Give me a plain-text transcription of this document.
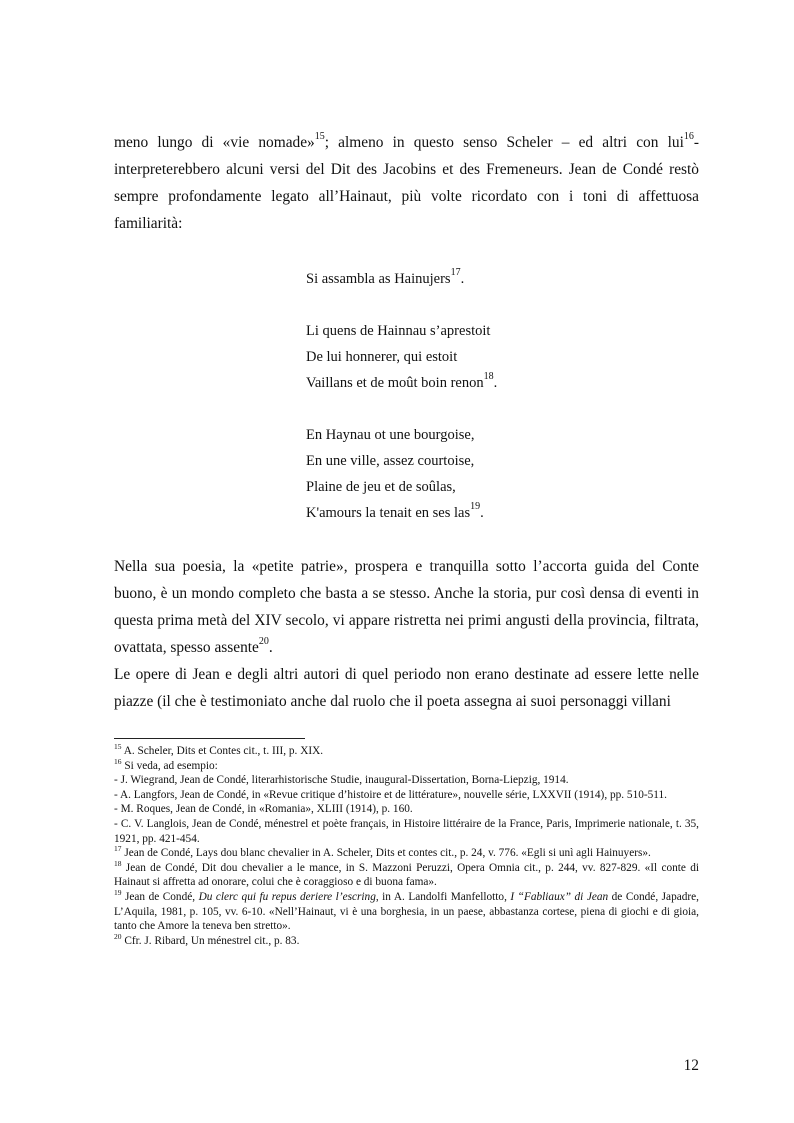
meno lungo di «vie nomade»$^{15}$; almeno in questo senso Scheler – ed altri con lui$^{16}$- interpreterebbero alcuni versi del Dit des Jacobins et des Fremeneurs. Jean de Condé restò sempre profondamente legato all’Hainaut, più volte ricordato con i toni di affettuosa familiarità:

Si assambla as Hainujers$^{17}$.
Li quens de Hainnau s’aprestoit
De lui honnerer, qui estoit
Vaillans et de moût boin renon$^{18}$.
En Haynau ot une bourgoise,
En une ville, assez courtoise,
Plaine de jeu et de soûlas,
K'amours la tenait en ses las$^{19}$.

Nella sua poesia, la «petite patrie», prospera e tranquilla sotto l’accorta guida del Conte buono, è un mondo completo che basta a se stesso. Anche la storia, pur così densa di eventi in questa prima metà del XIV secolo, vi appare ristretta nei primi angusti della provincia, filtrata, ovattata, spesso assente$^{20}$.

Le opere di Jean e degli altri autori di quel periodo non erano destinate ad essere lette nelle piazze (il che è testimoniato anche dal ruolo che il poeta assegna ai suoi personaggi villani

$^{15}$ A. Scheler, Dits et Contes cit., t. III, p. XIX.

$^{16}$ Si veda, ad esempio:

- J. Wiegrand, Jean de Condé, literarhistorische Studie, inaugural-Dissertation, Borna-Liepzig, 1914.

- A. Langfors, Jean de Condé, in «Revue critique d’histoire et de littérature», nouvelle série, LXXVII (1914), pp. 510-511.

- M. Roques, Jean de Condé, in «Romania», XLIII (1914), p. 160.

- C. V. Langlois, Jean de Condé, ménestrel et poète français, in Histoire littéraire de la France, Paris, Imprimerie nationale, t. 35, 1921, pp. 421-454.

$^{17}$ Jean de Condé, Lays dou blanc chevalier in A. Scheler, Dits et contes cit., p. 24, v. 776. «Egli si unì agli Hainuyers».

$^{18}$ Jean de Condé, Dit dou chevalier a le mance, in S. Mazzoni Peruzzi, Opera Omnia cit., p. 244, vv. 827-829. «Il conte di Hainaut si affretta ad onorare, colui che è coraggioso e di buona fama».

$^{19}$ Jean de Condé, Du clerc qui fu repus deriere l’escring, in A. Landolfi Manfellotto, I “Fabliaux” di Jean de Condé, Japadre, L’Aquila, 1981, p. 105, vv. 6-10. «Nell’Hainaut, vi è una borghesia, in un paese, abbastanza cortese, piena di giochi e di gioia, tanto che Amore la teneva ben stretto».

$^{20}$ Cfr. J. Ribard, Un ménestrel cit., p. 83.

12
